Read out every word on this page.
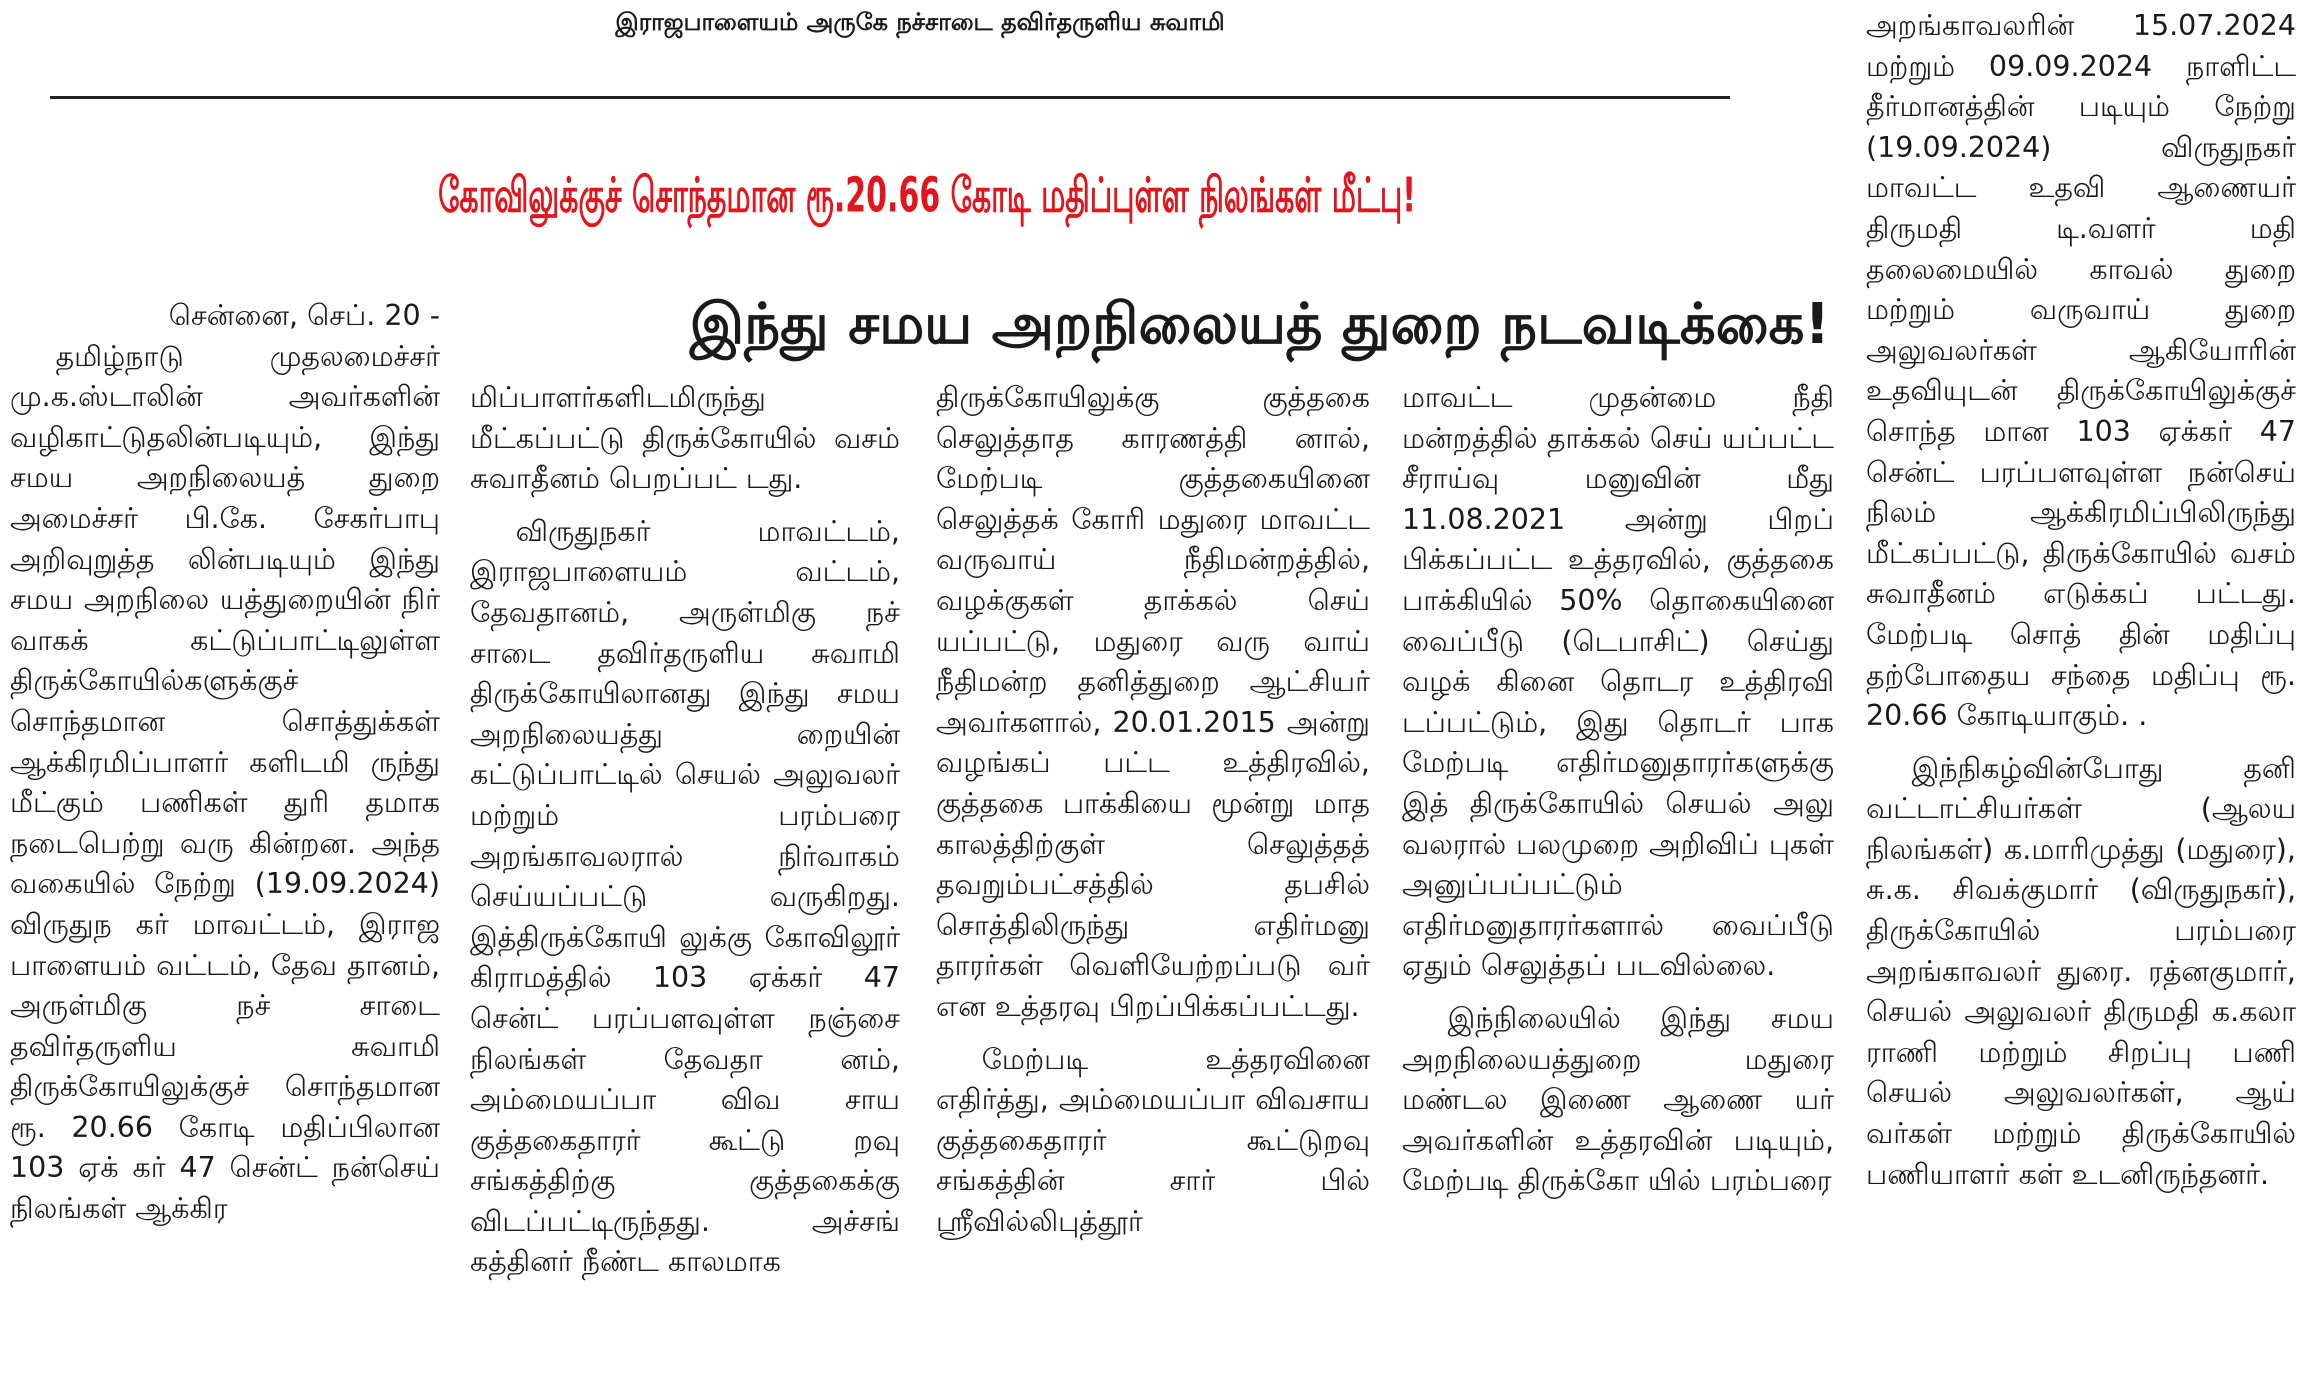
இராஜபாளையம் அருகே நச்சாடை தவிர்தருளிய சுவாமி
கோவிலுக்குச் சொந்தமான ரூ.20.66 கோடி மதிப்புள்ள நிலங்கள் மீட்பு!
இந்து சமய அறநிலையத் துறை நடவடிக்கை!

சென்னை, செப். 20 -

தமிழ்நாடு முதலமைச்சர் மு.க.ஸ்டாலின் அவர்களின் வழிகாட்டுதலின்படியும், இந்து சமய அறநிலையத் துறை அமைச்சர் பி.கே. சேகர்பாபு அறிவுறுத்த லின்படியும் இந்து சமய அறநிலை யத்துறையின் நிர் வாகக் கட்டுப்பாட்டிலுள்ள திருக்கோயில்களுக்குச் சொந்தமான சொத்துக்கள் ஆக்கிரமிப்பாளர் களிடமி ருந்து மீட்கும் பணிகள் துரி தமாக நடைபெற்று வரு கின்றன. அந்த வகையில் நேற்று (19.09.2024) விருதுந கர் மாவட்டம், இராஜ பாளையம் வட்டம், தேவ தானம், அருள்மிகு நச் சாடை தவிர்தருளிய சுவாமி திருக்கோயிலுக்குச் சொந்தமான ரூ. 20.66 கோடி மதிப்பிலான 103 ஏக் கர் 47 சென்ட் நன்செய் நிலங்கள் ஆக்கிர

மிப்பாளர்களிடமிருந்து மீட்கப்பட்டு திருக்கோயில் வசம் சுவாதீனம் பெறப்பட் டது.

விருதுநகர் மாவட்டம், இராஜபாளையம் வட்டம், தேவதானம், அருள்மிகு நச் சாடை தவிர்தருளிய சுவாமி திருக்கோயிலானது இந்து சமய அறநிலையத்து றையின் கட்டுப்பாட்டில் செயல் அலுவலர் மற்றும் பரம்பரை அறங்காவலரால் நிர்வாகம் செய்யப்பட்டு வருகிறது. இத்திருக்கோயி லுக்கு கோவிலூர் கிராமத்தில் 103 ஏக்கர் 47 சென்ட் பரப்பளவுள்ள நஞ்சை நிலங்கள் தேவதா னம், அம்மையப்பா விவ சாய குத்தகைதாரர் கூட்டு றவு சங்கத்திற்கு குத்தகைக்கு விடப்பட்டிருந்தது. அச்சங் கத்தினர் நீண்ட காலமாக

திருக்கோயிலுக்கு குத்தகை செலுத்தாத காரணத்தி னால், மேற்படி குத்தகையினை செலுத்தக் கோரி மதுரை மாவட்ட வருவாய் நீதிமன்றத்தில், வழக்குகள் தாக்கல் செய் யப்பட்டு, மதுரை வரு வாய் நீதிமன்ற தனித்துறை ஆட்சியர் அவர்களால், 20.01.2015 அன்று வழங்கப் பட்ட உத்திரவில், குத்தகை பாக்கியை மூன்று மாத காலத்திற்குள் செலுத்தத் தவறும்பட்சத்தில் தபசில் சொத்திலிருந்து எதிர்மனு தாரர்கள் வெளியேற்றப்படு வர் என உத்தரவு பிறப்பிக்கப்பட்டது.

மேற்படி உத்தரவினை எதிர்த்து, அம்மையப்பா விவசாய குத்தகைதாரர் கூட்டுறவு சங்கத்தின் சார் பில் ஸ்ரீவில்லிபுத்தூர்

மாவட்ட முதன்மை நீதி மன்றத்தில் தாக்கல் செய் யப்பட்ட சீராய்வு மனுவின் மீது 11.08.2021 அன்று பிறப் பிக்கப்பட்ட உத்தரவில், குத்தகை பாக்கியில் 50% தொகையினை வைப்பீடு (டெபாசிட்) செய்து வழக் கினை தொடர உத்திரவி டப்பட்டும், இது தொடர் பாக மேற்படி எதிர்மனுதாரர்களுக்கு இத் திருக்கோயில் செயல் அலு வலரால் பலமுறை அறிவிப் புகள் அனுப்பப்பட்டும் எதிர்மனுதாரர்களால் வைப்பீடு ஏதும் செலுத்தப் படவில்லை.

இந்நிலையில் இந்து சமய அறநிலையத்துறை மதுரை மண்டல இணை ஆணை யர் அவர்களின் உத்தரவின் படியும், மேற்படி திருக்கோ யில் பரம்பரை

அறங்காவலரின் 15.07.2024 மற்றும் 09.09.2024 நாளிட்ட தீர்மானத்தின் படியும் நேற்று (19.09.2024) விருதுநகர் மாவட்ட உதவி ஆணையர் திருமதி டி.வளர் மதி தலைமையில் காவல் துறை மற்றும் வருவாய் துறை அலுவலர்கள் ஆகியோரின் உதவியுடன் திருக்கோயிலுக்குச் சொந்த மான 103 ஏக்கர் 47 சென்ட் பரப்பளவுள்ள நன்செய் நிலம் ஆக்கிரமிப்பிலிருந்து மீட்கப்பட்டு, திருக்கோயில் வசம் சுவாதீனம் எடுக்கப் பட்டது. மேற்படி சொத் தின் மதிப்பு தற்போதைய சந்தை மதிப்பு ரூ. 20.66 கோடியாகும். .

இந்நிகழ்வின்போது தனி வட்டாட்சியர்கள் (ஆலய நிலங்கள்) க.மாரிமுத்து (மதுரை), சு.க. சிவக்குமார் (விருதுநகர்), திருக்கோயில் பரம்பரை அறங்காவலர் துரை. ரத்னகுமார், செயல் அலுவலர் திருமதி க.கலா ராணி மற்றும் சிறப்பு பணி செயல் அலுவலர்கள், ஆய் வர்கள் மற்றும் திருக்கோயில் பணியாளர் கள் உடனிருந்தனர்.
